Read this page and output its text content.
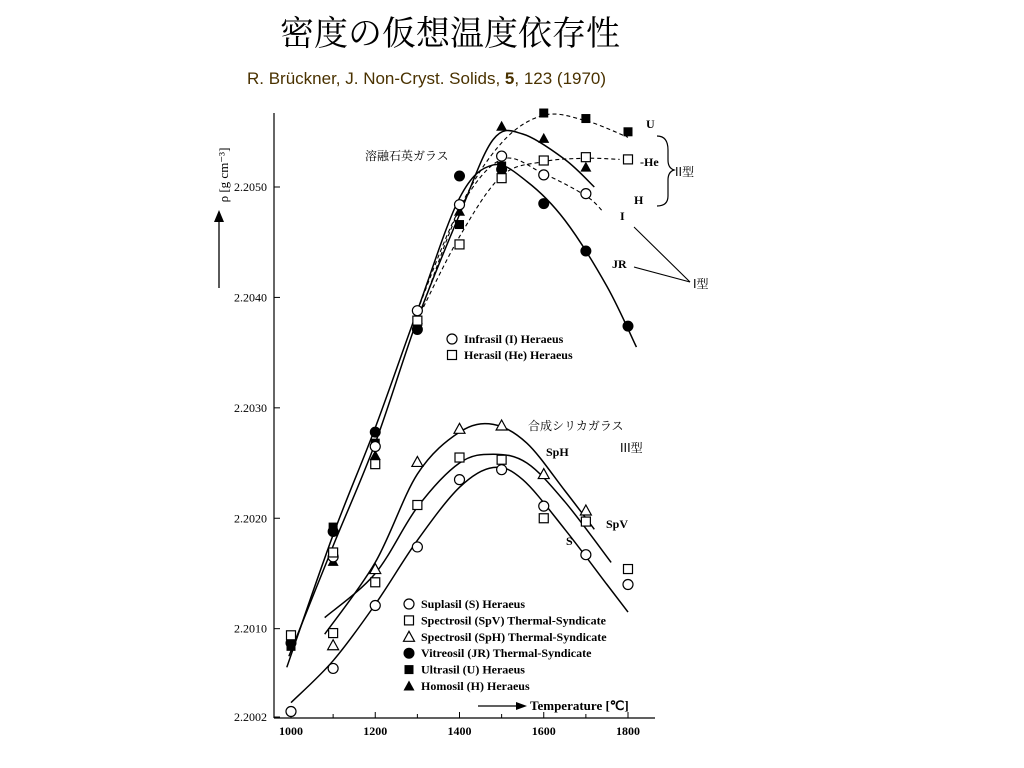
密度の仮想温度依存性
R. Brückner, J. Non-Cryst. Solids, 5, 123 (1970)
2.2002
2.2010
2.2020
2.2030
2.2040
2.2050
1000	1200	1400	1600	1800
ρ [g cm⁻³]
Temperature [℃]
U
-He
H
I
JR
SpH
SpV
S
溶融石英ガラス
合成シリカガラス
III型
II型
I型
Infrasil (I) Heraeus
Herasil (He) Heraeus
Suplasil (S) Heraeus
Spectrosil (SpV) Thermal-Syndicate
Spectrosil (SpH) Thermal-Syndicate
Vitreosil (JR) Thermal-Syndicate
Ultrasil (U) Heraeus
Homosil (H) Heraeus
